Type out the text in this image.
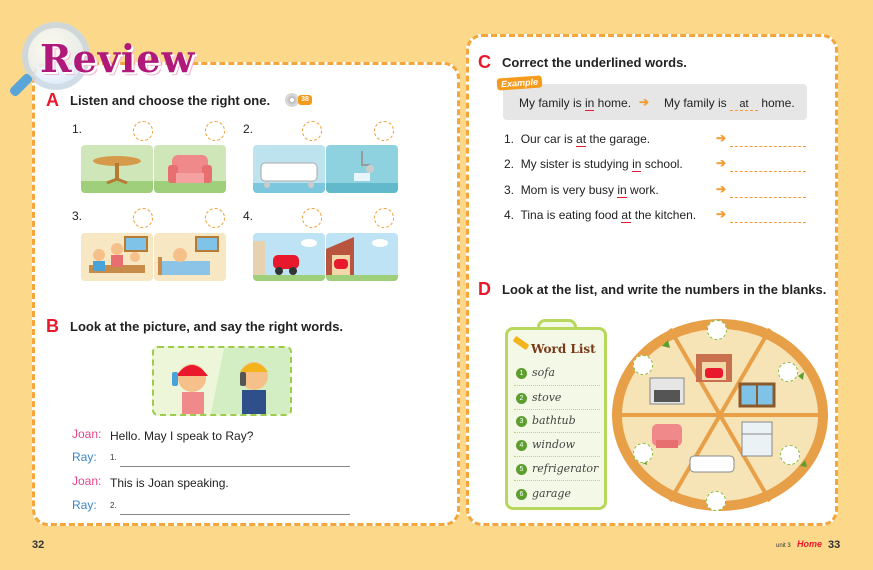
Review
A Listen and choose the right one.	38
1.	2.
3.	4.
B Look at the picture, and say the right words.
Joan: Hello. May I speak to Ray?
Ray: 1.
Joan: This is Joan speaking.
Ray: 2.
C Correct the underlined words.
My family is in home. ➔ My family is at home.
Example
1. Our car is at the garage.	➔
2. My sister is studying in school.	➔
3. Mom is very busy in work.	➔
4. Tina is eating food at the kitchen. ➔
D Look at the list, and write the numbers in the blanks.
Word List
1 sofa
2 stove
3 bathtub
4 window
5 refrigerator
6 garage
32	unit 3 Home 33
